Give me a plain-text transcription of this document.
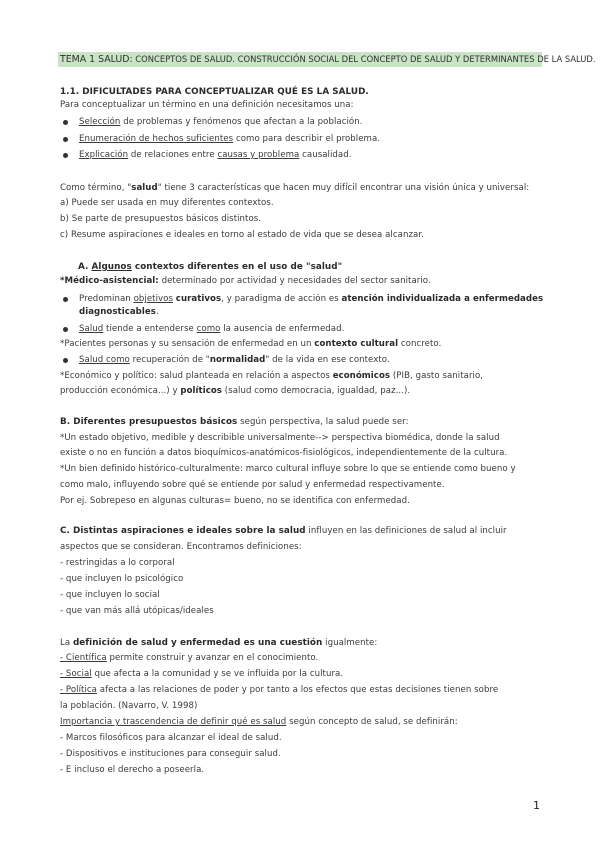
TEMA 1 SALUD: CONCEPTOS DE SALUD. CONSTRUCCIÓN SOCIAL DEL CONCEPTO DE SALUD Y DETERMINANTES DE LA SALUD.
1.1. DIFICULTADES PARA CONCEPTUALIZAR QUÉ ES LA SALUD.
Para conceptualizar un término en una definición necesitamos una:
Selección de problemas y fenómenos que afectan a la población.
Enumeración de hechos suficientes como para describir el problema.
Explicación de relaciones entre causas y problema causalidad.
Como término, "salud" tiene 3 características que hacen muy difícil encontrar una visión única y universal:
a) Puede ser usada en muy diferentes contextos.
b) Se parte de presupuestos básicos distintos.
c) Resume aspiraciones e ideales en torno al estado de vida que se desea alcanzar.
A. Algunos contextos diferentes en el uso de "salud"
*Médico-asistencial: determinado por actividad y necesidades del sector sanitario.
Predominan objetivos curativos, y paradigma de acción es atención individualizada a enfermedades
diagnosticables.
Salud tiende a entenderse como la ausencia de enfermedad.
*Pacientes personas y su sensación de enfermedad en un contexto cultural concreto.
Salud como recuperación de "normalidad" de la vida en ese contexto.
*Económico y político: salud planteada en relación a aspectos económicos (PIB, gasto sanitario,
producción económica...) y políticos (salud como democracia, igualdad, paz...).
B. Diferentes presupuestos básicos según perspectiva, la salud puede ser:
*Un estado objetivo, medible y describible universalmente--> perspectiva biomédica, donde la salud
existe o no en función a datos bioquímicos-anatómicos-fisiológicos, independientemente de la cultura.
*Un bien definido histórico-culturalmente: marco cultural influye sobre lo que se entiende como bueno y
como malo, influyendo sobre qué se entiende por salud y enfermedad respectivamente.
Por ej. Sobrepeso en algunas culturas= bueno, no se identifica con enfermedad.
C. Distintas aspiraciones e ideales sobre la salud influyen en las definiciones de salud al incluir
aspectos que se consideran. Encontramos definiciones:
- restringidas a lo corporal
- que incluyen lo psicológico
- que incluyen lo social
- que van más allá utópicas/ideales
La definición de salud y enfermedad es una cuestión igualmente:
- Científica permite construir y avanzar en el conocimiento.
- Social que afecta a la comunidad y se ve influida por la cultura.
- Política afecta a las relaciones de poder y por tanto a los efectos que estas decisiones tienen sobre
la población. (Navarro, V. 1998)
Importancia y trascendencia de definir qué es salud según concepto de salud, se definirán:
- Marcos filosóficos para alcanzar el ideal de salud.
- Dispositivos e instituciones para conseguir salud.
- E incluso el derecho a poseerla.
1
